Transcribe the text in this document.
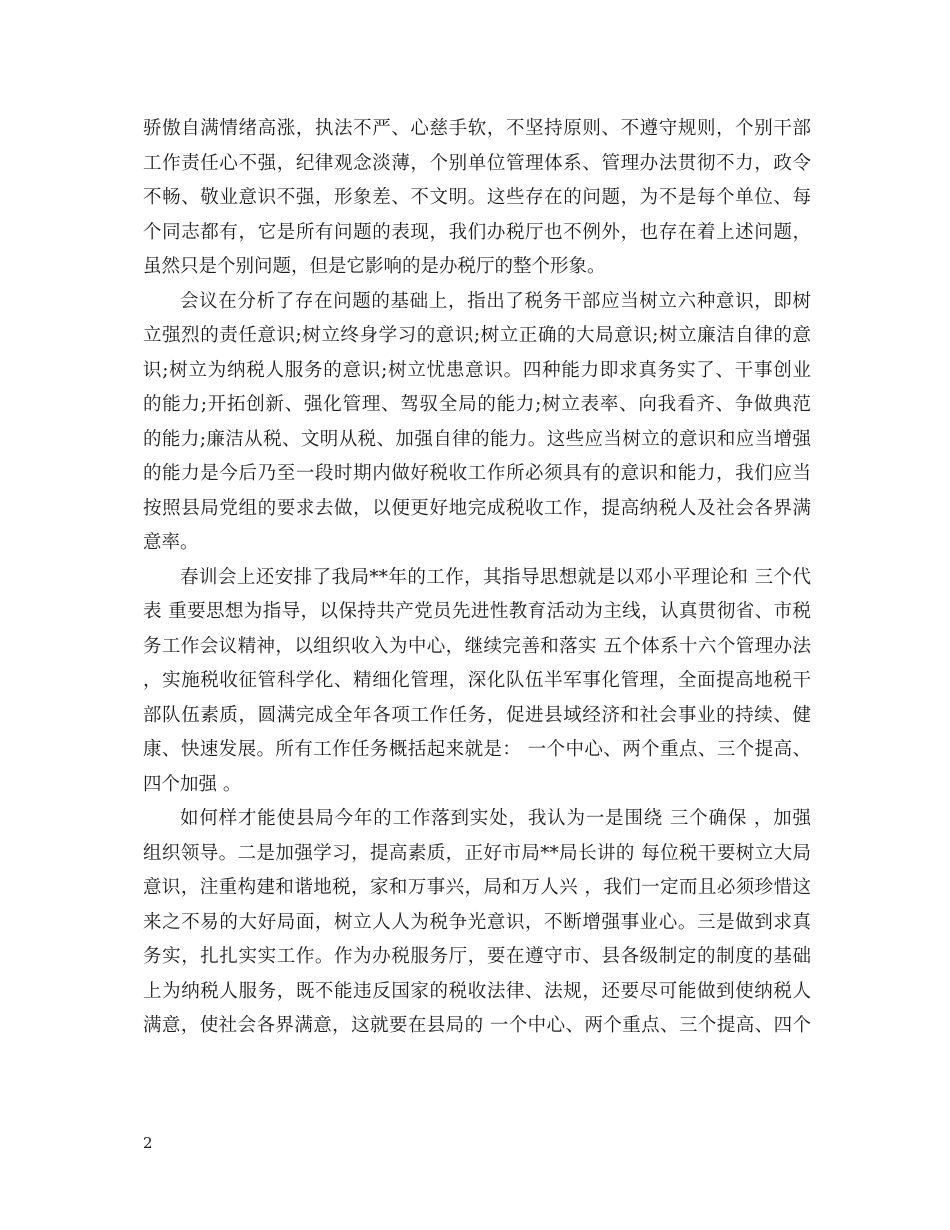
骄傲自满情绪高涨，执法不严、心慈手软，不坚持原则、不遵守规则，个别干部
工作责任心不强，纪律观念淡薄，个别单位管理体系、管理办法贯彻不力，政令
不畅、敬业意识不强，形象差、不文明。这些存在的问题，为不是每个单位、每
个同志都有，它是所有问题的表现，我们办税厅也不例外，也存在着上述问题，
虽然只是个别问题，但是它影响的是办税厅的整个形象。
会议在分析了存在问题的基础上，指出了税务干部应当树立六种意识，即树
立强烈的责任意识;树立终身学习的意识;树立正确的大局意识;树立廉洁自律的意
识;树立为纳税人服务的意识;树立忧患意识。四种能力即求真务实了、干事创业
的能力;开拓创新、强化管理、驾驭全局的能力;树立表率、向我看齐、争做典范
的能力;廉洁从税、文明从税、加强自律的能力。这些应当树立的意识和应当增强
的能力是今后乃至一段时期内做好税收工作所必须具有的意识和能力，我们应当
按照县局党组的要求去做，以便更好地完成税收工作，提高纳税人及社会各界满
意率。
春训会上还安排了我局**年的工作，其指导思想就是以邓小平理论和 三个代
表 重要思想为指导，以保持共产党员先进性教育活动为主线，认真贯彻省、市税
务工作会议精神，以组织收入为中心，继续完善和落实 五个体系十六个管理办法
，实施税收征管科学化、精细化管理，深化队伍半军事化管理，全面提高地税干
部队伍素质，圆满完成全年各项工作任务，促进县域经济和社会事业的持续、健
康、快速发展。所有工作任务概括起来就是： 一个中心、两个重点、三个提高、
四个加强 。
如何样才能使县局今年的工作落到实处，我认为一是围绕 三个确保 ，加强
组织领导。二是加强学习，提高素质，正好市局**局长讲的 每位税干要树立大局
意识，注重构建和谐地税，家和万事兴，局和万人兴 ，我们一定而且必须珍惜这
来之不易的大好局面，树立人人为税争光意识，不断增强事业心。三是做到求真
务实，扎扎实实工作。作为办税服务厅，要在遵守市、县各级制定的制度的基础
上为纳税人服务，既不能违反国家的税收法律、法规，还要尽可能做到使纳税人
满意，使社会各界满意，这就要在县局的 一个中心、两个重点、三个提高、四个
2
